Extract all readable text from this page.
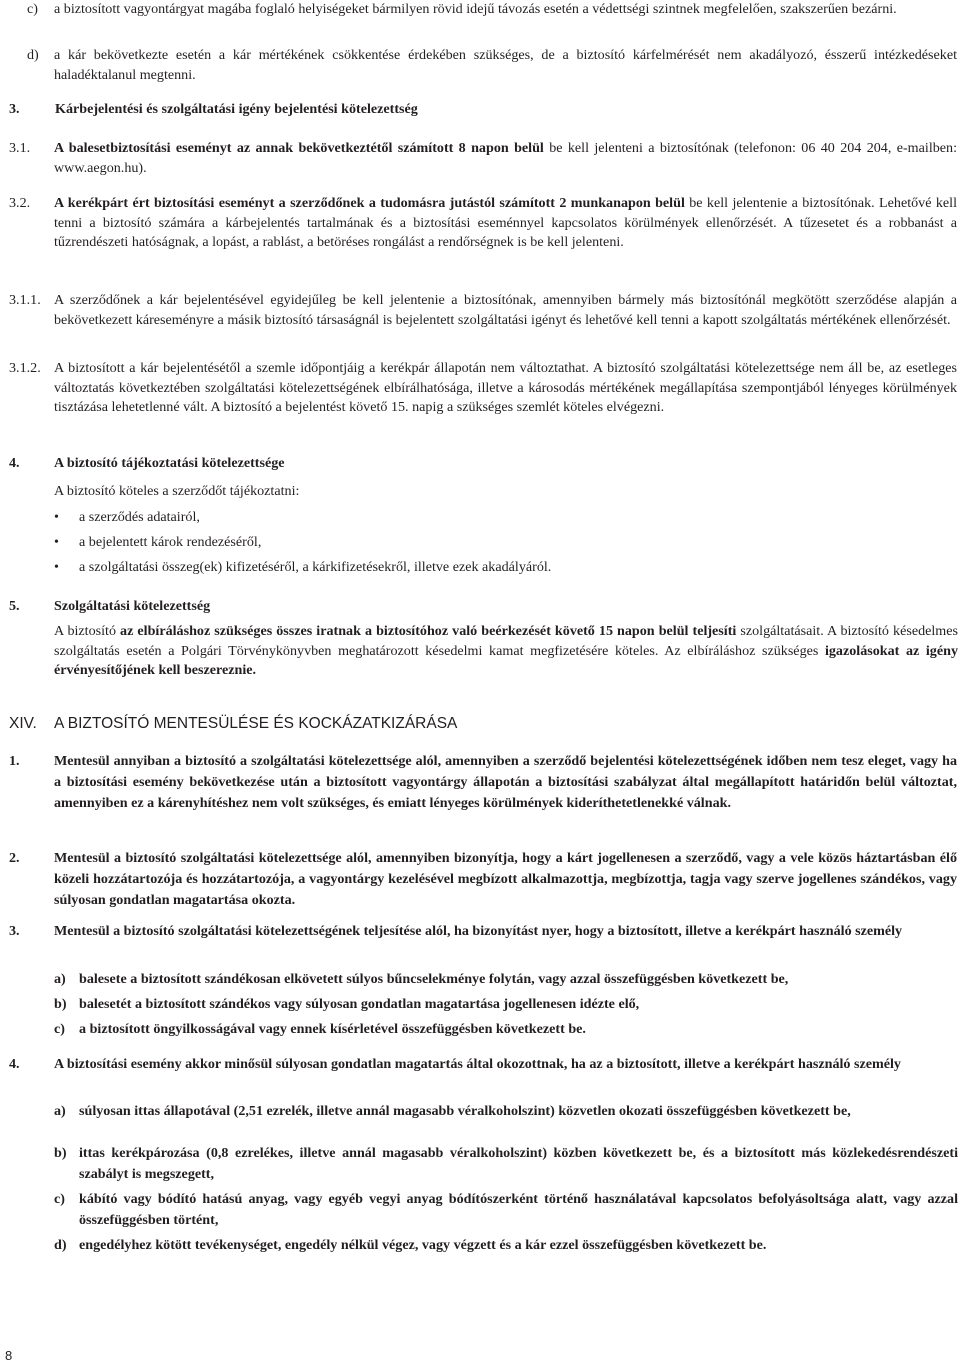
c) a biztosított vagyontárgyat magába foglaló helyiségeket bármilyen rövid idejű távozás esetén a védettségi szintnek megfelelően, szakszerűen bezárni.
d) a kár bekövetkezte esetén a kár mértékének csökkentése érdekében szükséges, de a biztosító kárfelmérését nem akadályozó, ésszerű intézkedéseket haladéktalanul megtenni.
3.	Kárbejelentési és szolgáltatási igény bejelentési kötelezettség
3.1. A balesetbiztosítási eseményt az annak bekövetkeztétől számított 8 napon belül be kell jelenteni a biztosítónak (telefonon: 06 40 204 204, e-mailben: www.aegon.hu).
3.2. A kerékpárt ért biztosítási eseményt a szerződőnek a tudomásra jutástól számított 2 munkanapon belül be kell jelentenie a biztosítónak. Lehetővé kell tenni a biztosító számára a kárbejelentés tartalmának és a biztosítási eseménnyel kapcsolatos körülmények ellenőrzését. A tűzesetet és a robbanást a tűzrendészeti hatóságnak, a lopást, a rablást, a betöréses rongálást a rendőrségnek is be kell jelenteni.
3.1.1. A szerződőnek a kár bejelentésével egyidejűleg be kell jelentenie a biztosítónak, amennyiben bármely más biztosítónál megkötött szerződése alapján a bekövetkezett káreseményre a másik biztosító társaságnál is bejelentett szolgáltatási igényt és lehetővé kell tenni a kapott szolgáltatás mértékének ellenőrzését.
3.1.2. A biztosított a kár bejelentésétől a szemle időpontjáig a kerékpár állapotán nem változtathat. A biztosító szolgáltatási kötelezettsége nem áll be, az esetleges változtatás következtében szolgáltatási kötelezettségének elbírálhatósága, illetve a károsodás mértékének megállapítása szempontjából lényeges körülmények tisztázása lehetetlenné vált. A biztosító a bejelentést követő 15. napig a szükséges szemlét köteles elvégezni.
4. A biztosító tájékoztatási kötelezettsége
A biztosító köteles a szerződőt tájékoztatni:
• a szerződés adatairól,
• a bejelentett károk rendezéséről,
• a szolgáltatási összeg(ek) kifizetéséről, a kárkifizetésekről, illetve ezek akadályáról.
5. Szolgáltatási kötelezettség
A biztosító az elbíráláshoz szükséges összes iratnak a biztosítóhoz való beérkezését követő 15 napon belül teljesíti szolgáltatásait. A biztosító késedelmes szolgáltatás esetén a Polgári Törvénykönyvben meghatározott késedelmi kamat megfizetésére köteles. Az elbíráláshoz szükséges igazolásokat az igény érvényesítőjének kell beszereznie.
XIV. A BIZTOSÍTÓ MENTESÜLÉSE ÉS KOCKÁZATKIZÁRÁSA
1. Mentesül annyiban a biztosító a szolgáltatási kötelezettsége alól, amennyiben a szerződő bejelentési kötelezettségének időben nem tesz eleget, vagy ha a biztosítási esemény bekövetkezése után a biztosított vagyontárgy állapotán a biztosítási szabályzat által megállapított határidőn belül változtat, amennyiben ez a kárenyhítéshez nem volt szükséges, és emiatt lényeges körülmények kideríthetetlenekké válnak.
2. Mentesül a biztosító szolgáltatási kötelezettsége alól, amennyiben bizonyítja, hogy a kárt jogellenesen a szerződő, vagy a vele közös háztartásban élő közeli hozzátartozója és hozzátartozója, a vagyontárgy kezelésével megbízott alkalmazottja, megbízottja, tagja vagy szerve jogellenes szándékos, vagy súlyosan gondatlan magatartása okozta.
3. Mentesül a biztosító szolgáltatási kötelezettségének teljesítése alól, ha bizonyítást nyer, hogy a biztosított, illetve a kerékpárt használó személy
a) balesete a biztosított szándékosan elkövetett súlyos bűncselekménye folytán, vagy azzal összefüggésben következett be,
b) balesetét a biztosított szándékos vagy súlyosan gondatlan magatartása jogellenesen idézte elő,
c) a biztosított öngyilkosságával vagy ennek kísérletével összefüggésben következett be.
4. A biztosítási esemény akkor minősül súlyosan gondatlan magatartás által okozottnak, ha az a biztosított, illetve a kerékpárt használó személy
a) súlyosan ittas állapotával (2,51 ezrelék, illetve annál magasabb véralkoholszint) közvetlen okozati összefüggésben következett be,
b) ittas kerékpározása (0,8 ezrelékes, illetve annál magasabb véralkoholszint) közben következett be, és a biztosított más közlekedésrendészeti szabályt is megszegett,
c) kábító vagy bódító hatású anyag, vagy egyéb vegyi anyag bódítószerként történő használatával kapcsolatos befolyásoltsága alatt, vagy azzal összefüggésben történt,
d) engedélyhez kötött tevékenységet, engedély nélkül végez, vagy végzett és a kár ezzel összefüggésben következett be.
8
